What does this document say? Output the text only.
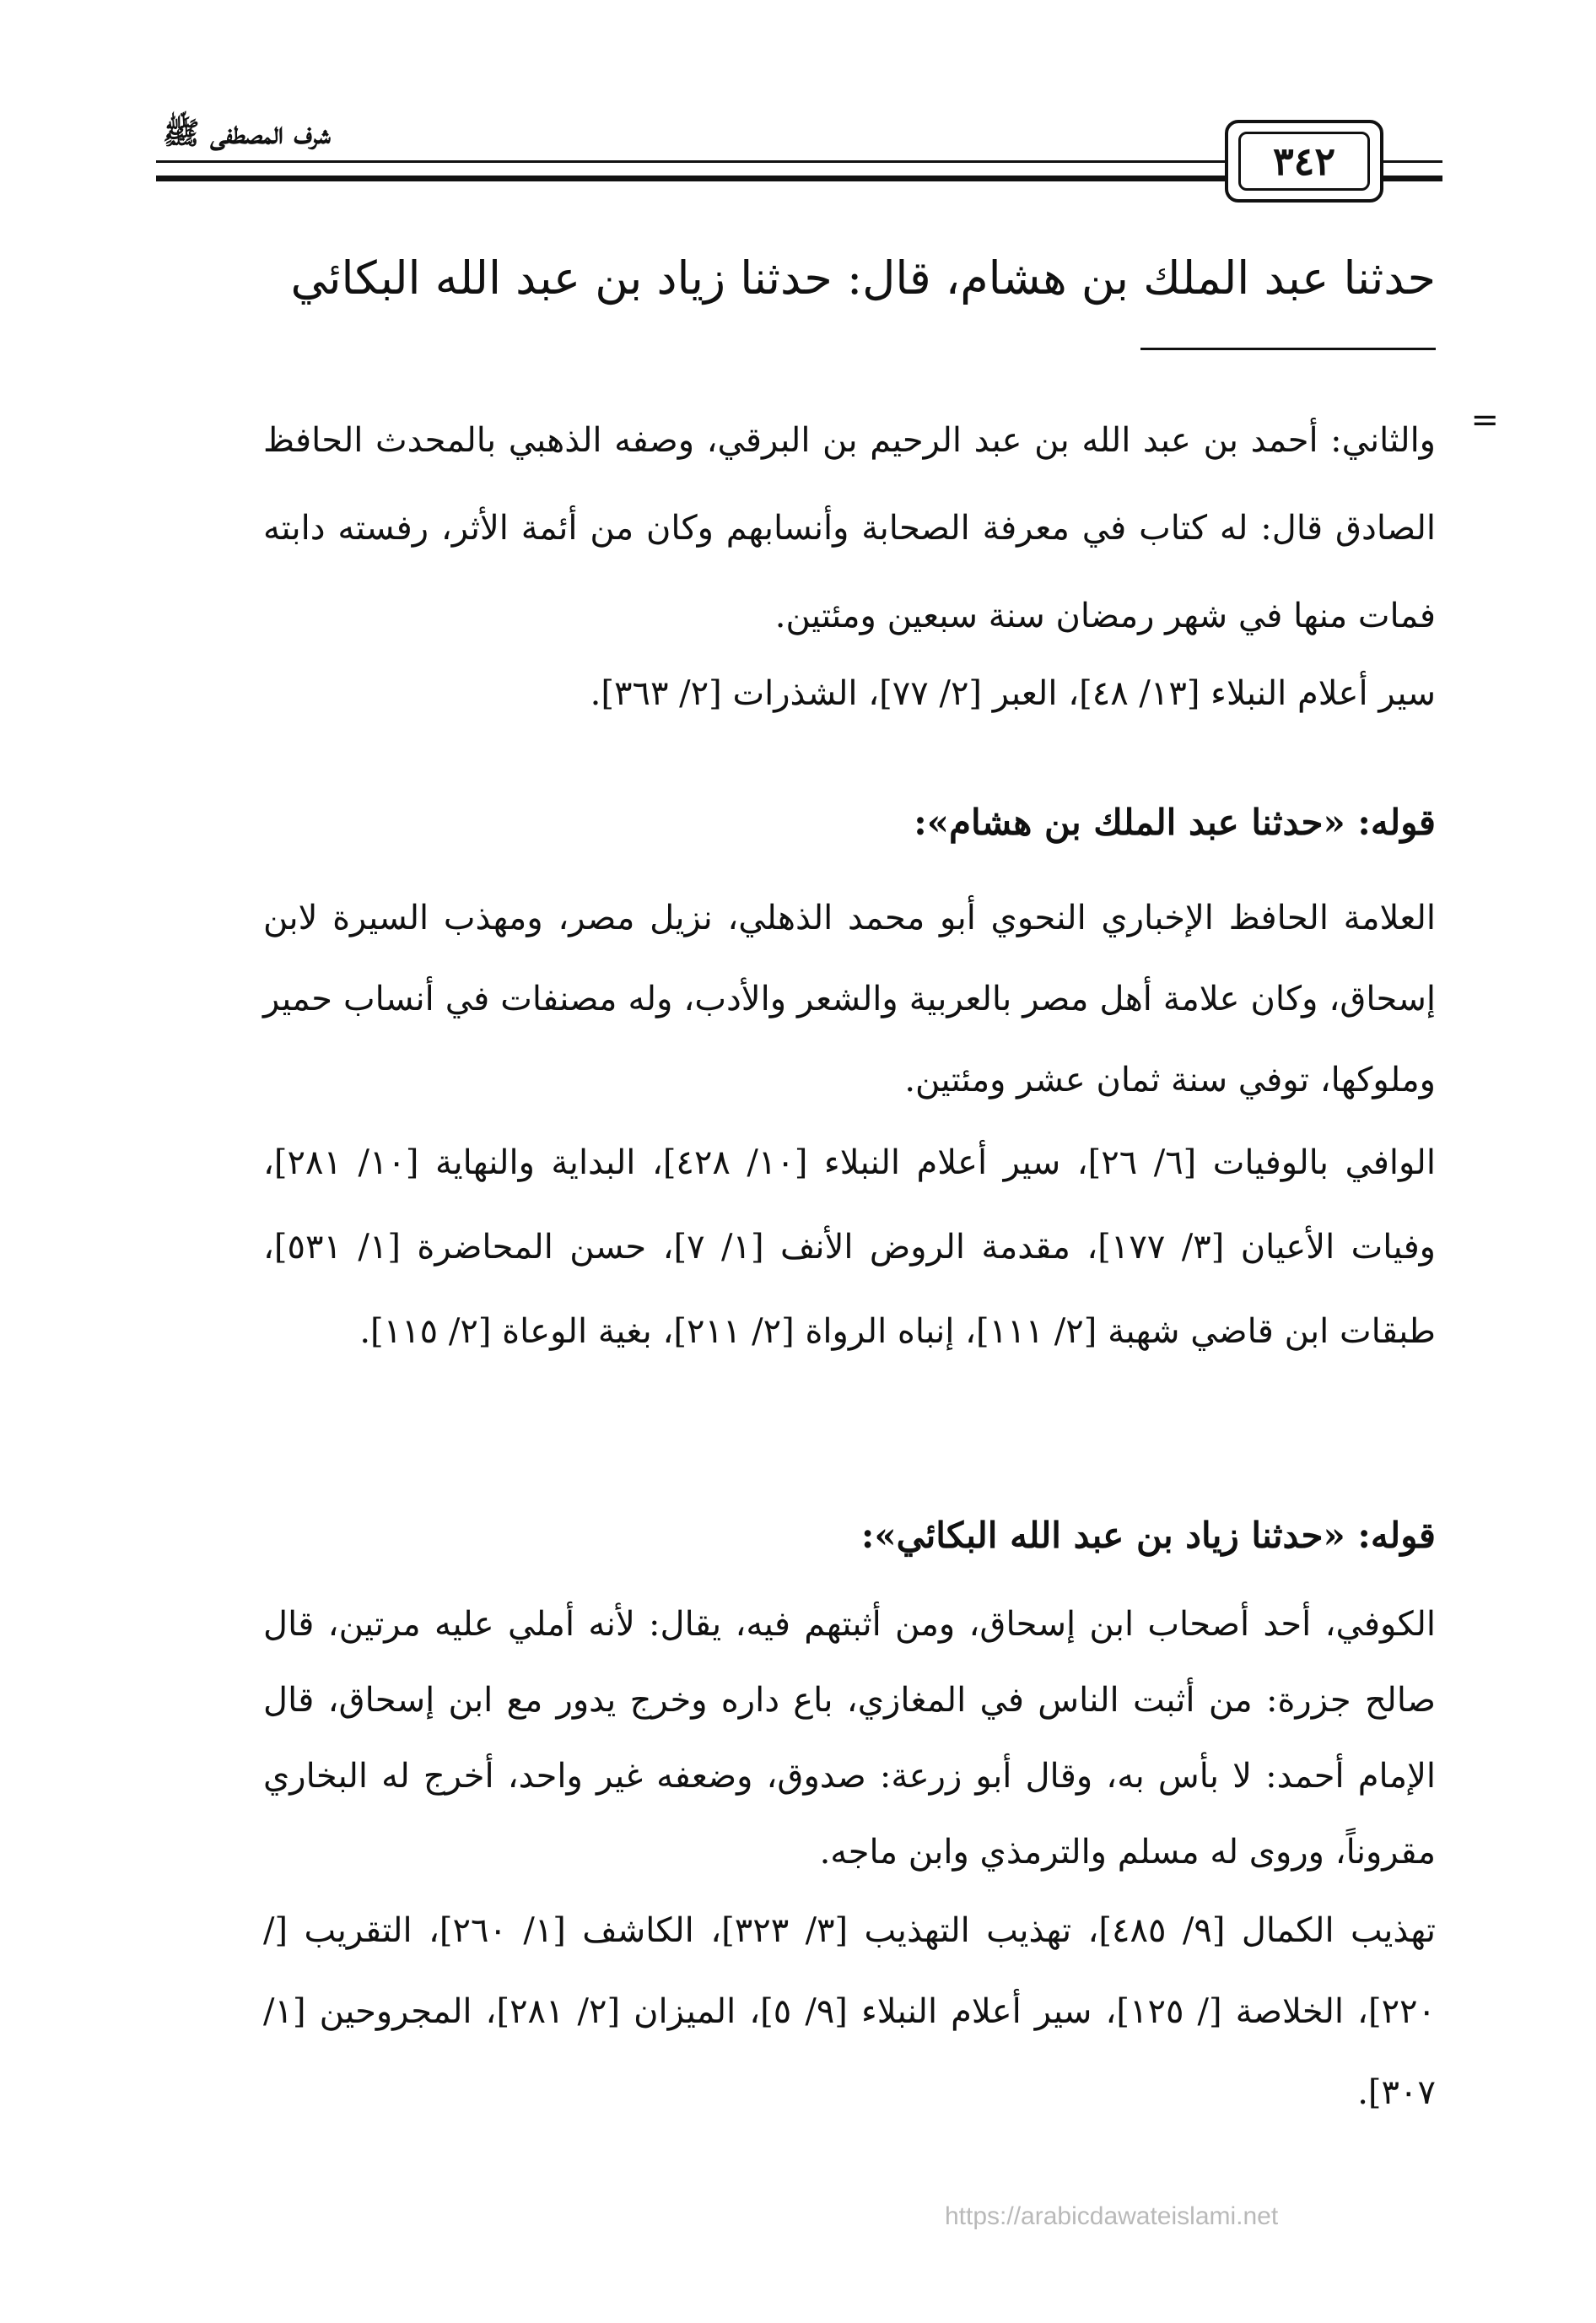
شرف المصطفى ﷺ
٣٤٢
حدثنا عبد الملك بن هشام، قال: حدثنا زياد بن عبد الله البكائي
=

والثاني: أحمد بن عبد الله بن عبد الرحيم بن البرقي، وصفه الذهبي بالمحدث الحافظ الصادق قال: له كتاب في معرفة الصحابة وأنسابهم وكان من أئمة الأثر، رفسته دابته فمات منها في شهر رمضان سنة سبعين ومئتين.

سير أعلام النبلاء [١٣/ ٤٨]، العبر [٢/ ٧٧]، الشذرات [٢/ ٣٦٣].

قوله: «حدثنا عبد الملك بن هشام»:

العلامة الحافظ الإخباري النحوي أبو محمد الذهلي، نزيل مصر، ومهذب السيرة لابن إسحاق، وكان علامة أهل مصر بالعربية والشعر والأدب، وله مصنفات في أنساب حمير وملوكها، توفي سنة ثمان عشر ومئتين.

الوافي بالوفيات [٦/ ٢٦]، سير أعلام النبلاء [١٠/ ٤٢٨]، البداية والنهاية [١٠/ ٢٨١]، وفيات الأعيان [٣/ ١٧٧]، مقدمة الروض الأنف [١/ ٧]، حسن المحاضرة [١/ ٥٣١]، طبقات ابن قاضي شهبة [٢/ ١١١]، إنباه الرواة [٢/ ٢١١]، بغية الوعاة [٢/ ١١٥].

قوله: «حدثنا زياد بن عبد الله البكائي»:

الكوفي، أحد أصحاب ابن إسحاق، ومن أثبتهم فيه، يقال: لأنه أملي عليه مرتين، قال صالح جزرة: من أثبت الناس في المغازي، باع داره وخرج يدور مع ابن إسحاق، قال الإمام أحمد: لا بأس به، وقال أبو زرعة: صدوق، وضعفه غير واحد، أخرج له البخاري مقروناً، وروى له مسلم والترمذي وابن ماجه.

تهذيب الكمال [٩/ ٤٨٥]، تهذيب التهذيب [٣/ ٣٢٣]، الكاشف [١/ ٢٦٠]، التقريب [/ ٢٢٠]، الخلاصة [/ ١٢٥]، سير أعلام النبلاء [٩/ ٥]، الميزان [٢/ ٢٨١]، المجروحين [١/ ٣٠٧].

https://arabicdawateislami.net
